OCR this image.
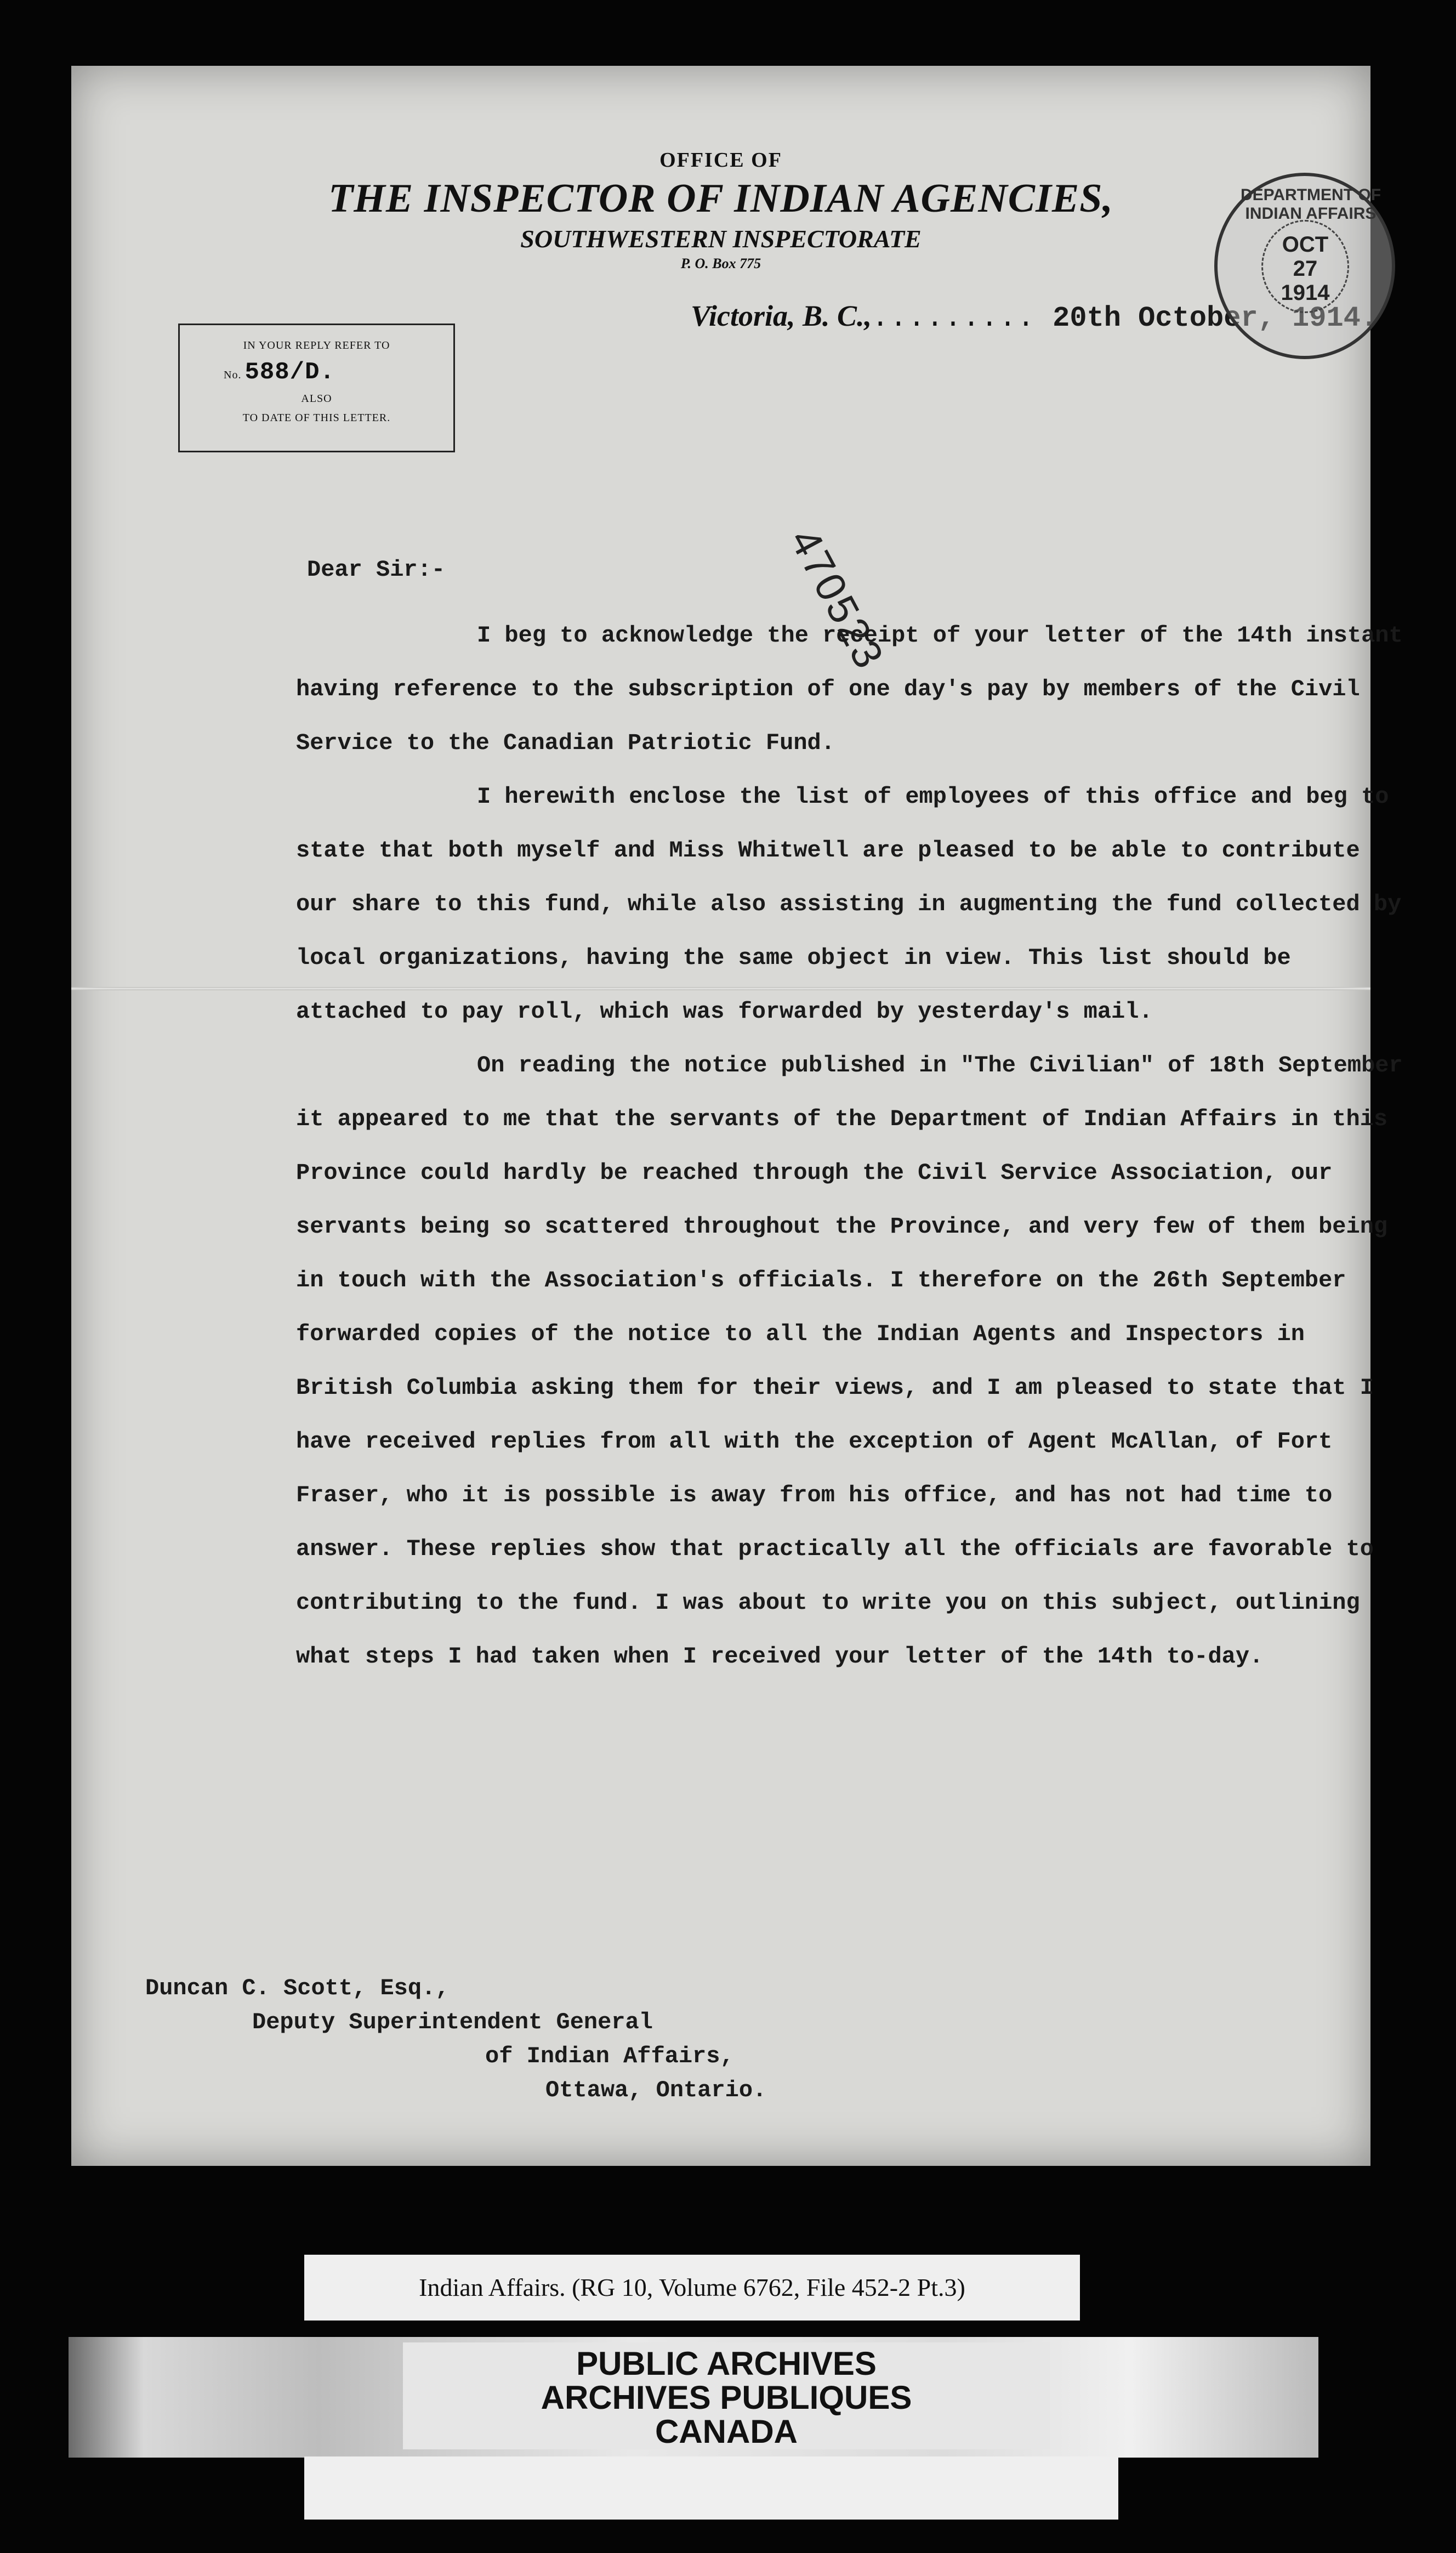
OFFICE OF
THE INSPECTOR OF INDIAN AGENCIES,
SOUTHWESTERN INSPECTORATE
P. O. Box 775
Victoria, B. C.,......... 20th October, 1914.
IN YOUR REPLY REFER TO
No. 588/D.
ALSO
TO DATE OF THIS LETTER.
DEPARTMENT OF INDIAN AFFAIRS
OCT
27
1914
470523
Dear Sir:-

I beg to acknowledge the receipt of your letter of the 14th instant having reference to the subscription of one day's pay by members of the Civil Service to the Canadian Patriotic Fund.

I herewith enclose the list of employees of this office and beg to state that both myself and Miss Whitwell are pleased to be able to contribute our share to this fund, while also assisting in augmenting the fund collected by local organizations, having the same object in view. This list should be attached to pay roll, which was forwarded by yesterday's mail.

On reading the notice published in "The Civilian" of 18th September it appeared to me that the servants of the Department of Indian Affairs in this Province could hardly be reached through the Civil Service Association, our servants being so scattered throughout the Province, and very few of them being in touch with the Association's officials. I therefore on the 26th September forwarded copies of the notice to all the Indian Agents and Inspectors in British Columbia asking them for their views, and I am pleased to state that I have received replies from all with the exception of Agent McAllan, of Fort Fraser, who it is possible is away from his office, and has not had time to answer. These replies show that practically all the officials are favorable to contributing to the fund. I was about to write you on this subject, outlining what steps I had taken when I received your letter of the 14th to-day.

Duncan C. Scott, Esq.,
Deputy Superintendent General
of Indian Affairs,
Ottawa, Ontario.
Indian Affairs. (RG 10, Volume 6762, File 452-2 Pt.3)
PUBLIC ARCHIVES
ARCHIVES PUBLIQUES
CANADA
